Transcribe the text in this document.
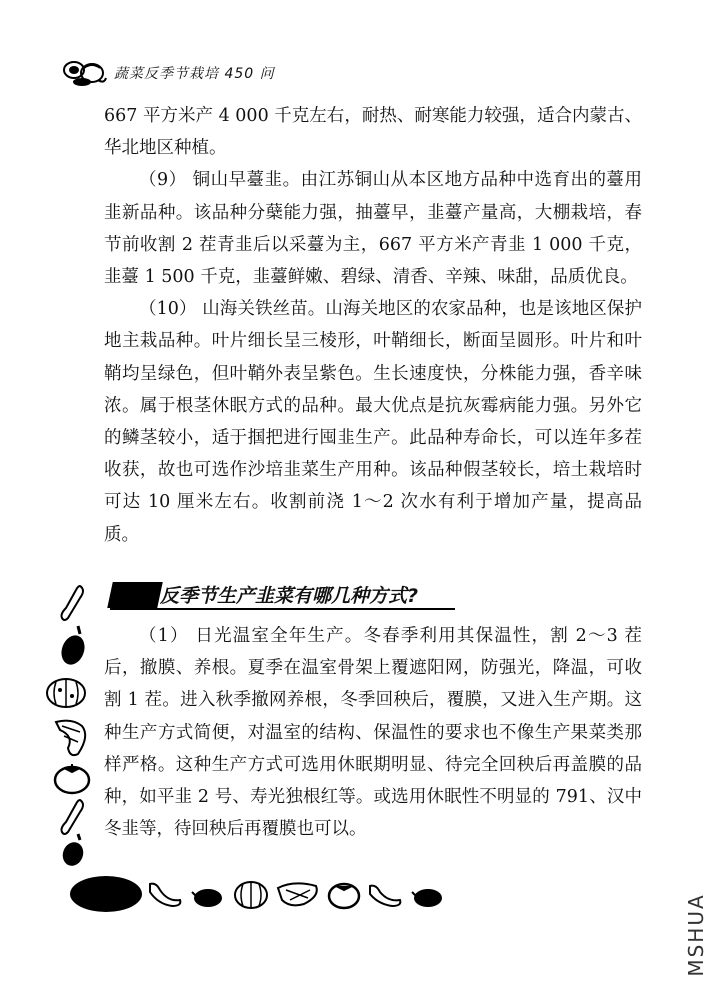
蔬菜反季节栽培 450 问

667 平方米产 4 000 千克左右，耐热、耐寒能力较强，适合内蒙古、华北地区种植。

（9） 铜山早薹韭。由江苏铜山从本区地方品种中选育出的薹用韭新品种。该品种分蘖能力强，抽薹早，韭薹产量高，大棚栽培，春节前收割 2 茬青韭后以采薹为主，667 平方米产青韭 1 000 千克，韭薹 1 500 千克，韭薹鲜嫩、碧绿、清香、辛辣、味甜，品质优良。

（10） 山海关铁丝苗。山海关地区的农家品种，也是该地区保护地主栽品种。叶片细长呈三棱形，叶鞘细长，断面呈圆形。叶片和叶鞘均呈绿色，但叶鞘外表呈紫色。生长速度快，分株能力强，香辛味浓。属于根茎休眠方式的品种。最大优点是抗灰霉病能力强。另外它的鳞茎较小，适于掴把进行囤韭生产。此品种寿命长，可以连年多茬收获，故也可选作沙培韭菜生产用种。该品种假茎较长，培土栽培时可达 10 厘米左右。收割前浇 1～2 次水有利于增加产量，提高品质。

反季节生产韭菜有哪几种方式?

（1） 日光温室全年生产。冬春季利用其保温性，割 2～3 茬后，撤膜、养根。夏季在温室骨架上覆遮阳网，防强光，降温，可收割 1 茬。进入秋季撤网养根，冬季回秧后，覆膜，又进入生产期。这种生产方式简便，对温室的结构、保温性的要求也不像生产果菜类那样严格。这种生产方式可选用休眠期明显、待完全回秧后再盖膜的品种，如平韭 2 号、寿光独根红等。或选用休眠性不明显的 791、汉中冬韭等，待回秧后再覆膜也可以。

MSHUA
